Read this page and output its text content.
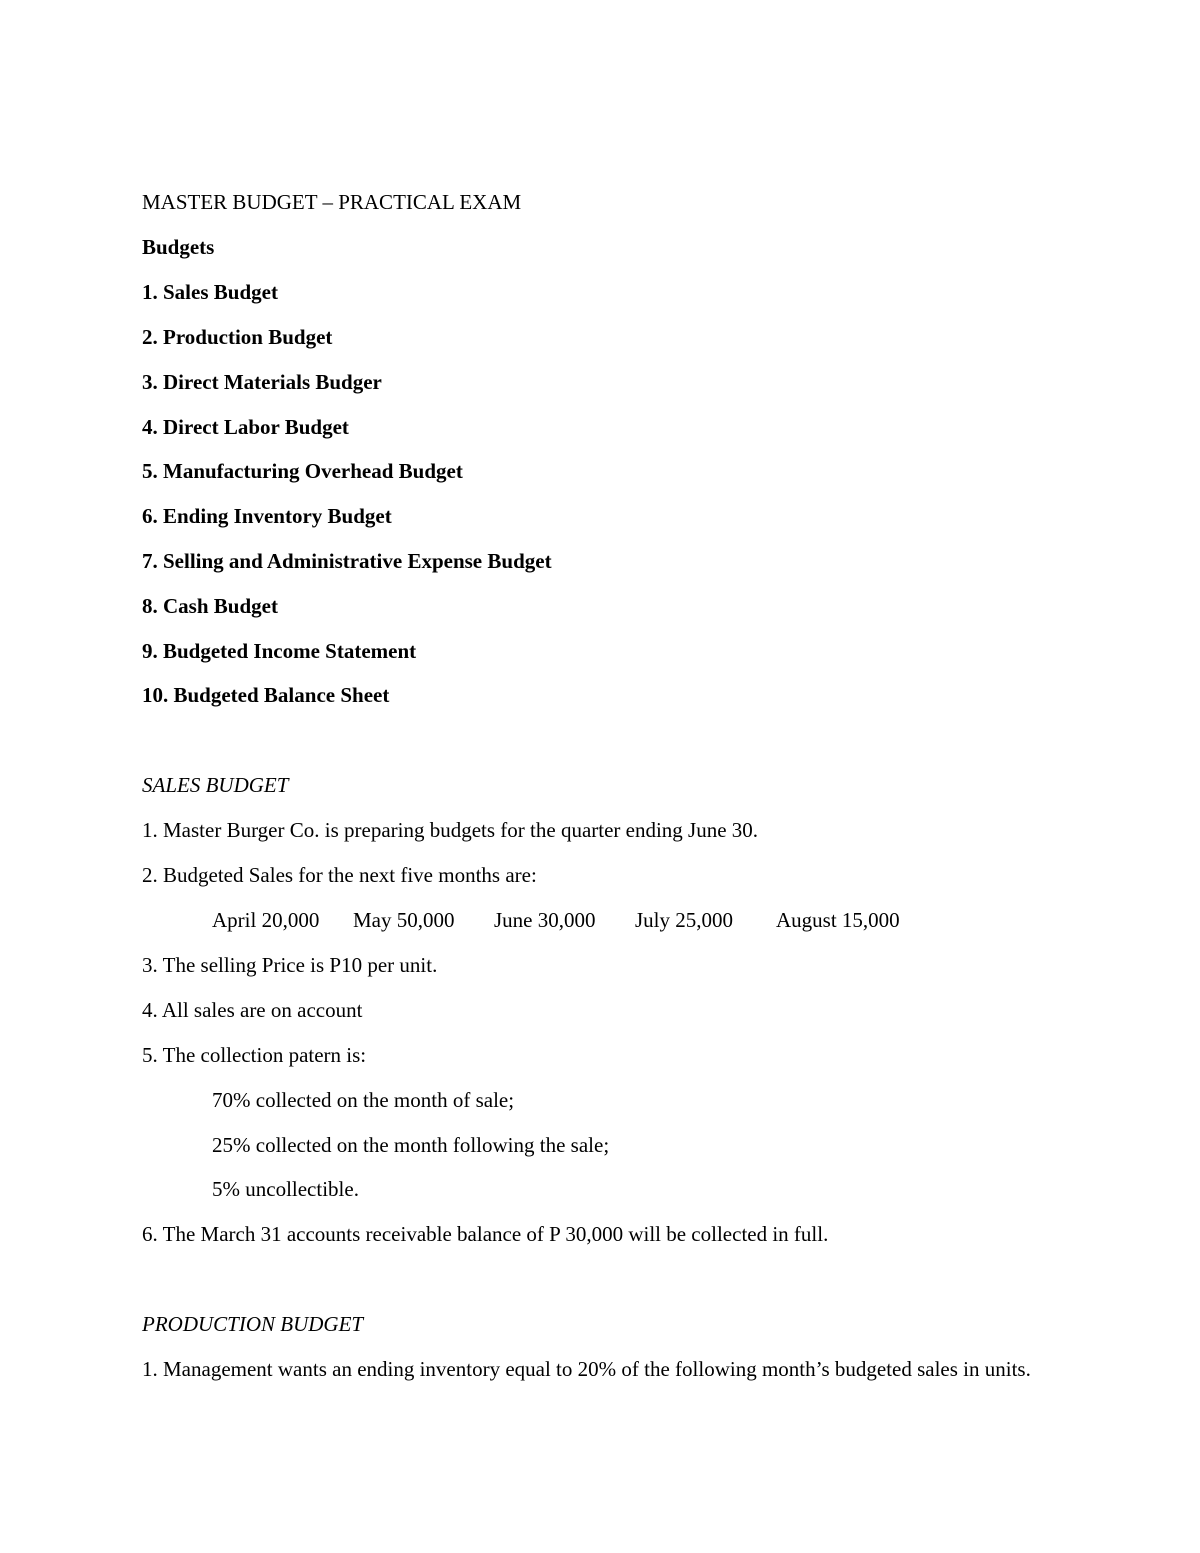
MASTER BUDGET – PRACTICAL EXAM
Budgets
1. Sales Budget
2. Production Budget
3. Direct Materials Budger
4. Direct Labor Budget
5. Manufacturing Overhead Budget
6. Ending Inventory Budget
7. Selling and Administrative Expense Budget
8. Cash Budget
9. Budgeted Income Statement
10. Budgeted Balance Sheet
SALES BUDGET
1. Master Burger Co. is preparing budgets for the quarter ending June 30.
2. Budgeted Sales for the next five months are:
April 20,000	May 50,000	June 30,000	July 25,000	August 15,000
3. The selling Price is P10 per unit.
4. All sales are on account
5. The collection patern is:
70% collected on the month of sale;
25% collected on the month following the sale;
5% uncollectible.
6. The March 31 accounts receivable balance of P 30,000 will be collected in full.
PRODUCTION BUDGET
1. Management wants an ending inventory equal to 20% of the following month’s budgeted sales in units.
